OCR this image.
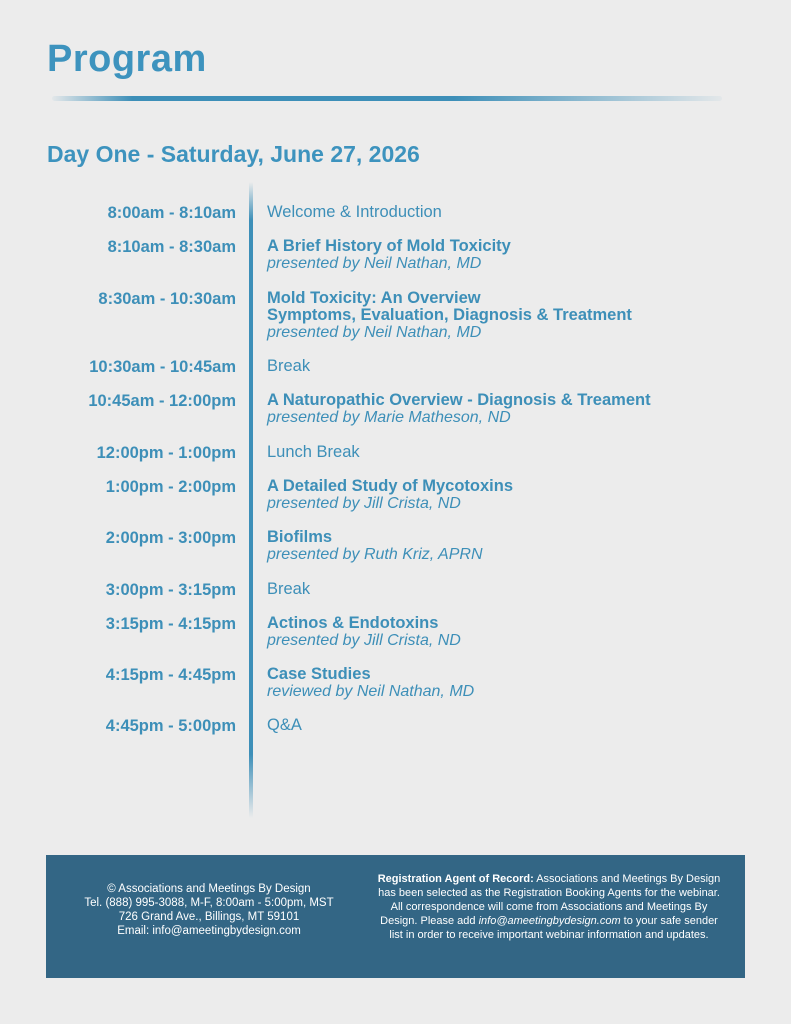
Program
Day One - Saturday, June 27, 2026
8:00am - 8:10am Welcome & Introduction
8:10am - 8:30am A Brief History of Mold Toxicity
presented by Neil Nathan, MD
8:30am - 10:30am Mold Toxicity: An Overview
Symptoms, Evaluation, Diagnosis & Treatment
presented by Neil Nathan, MD
10:30am - 10:45am Break
10:45am - 12:00pm A Naturopathic Overview - Diagnosis & Treament
presented by Marie Matheson, ND
12:00pm - 1:00pm Lunch Break
1:00pm - 2:00pm A Detailed Study of Mycotoxins
presented by Jill Crista, ND
2:00pm - 3:00pm Biofilms
presented by Ruth Kriz, APRN
3:00pm - 3:15pm Break
3:15pm - 4:15pm Actinos & Endotoxins
presented by Jill Crista, ND
4:15pm - 4:45pm Case Studies
reviewed by Neil Nathan, MD
4:45pm - 5:00pm Q&A
© Associations and Meetings By Design
Tel. (888) 995-3088, M-F, 8:00am - 5:00pm, MST
726 Grand Ave., Billings, MT 59101
Email: info@ameetingbydesign.com
Registration Agent of Record: Associations and Meetings By Design has been selected as the Registration Booking Agents for the webinar. All correspondence will come from Associations and Meetings By Design. Please add info@ameetingbydesign.com to your safe sender list in order to receive important webinar information and updates.
